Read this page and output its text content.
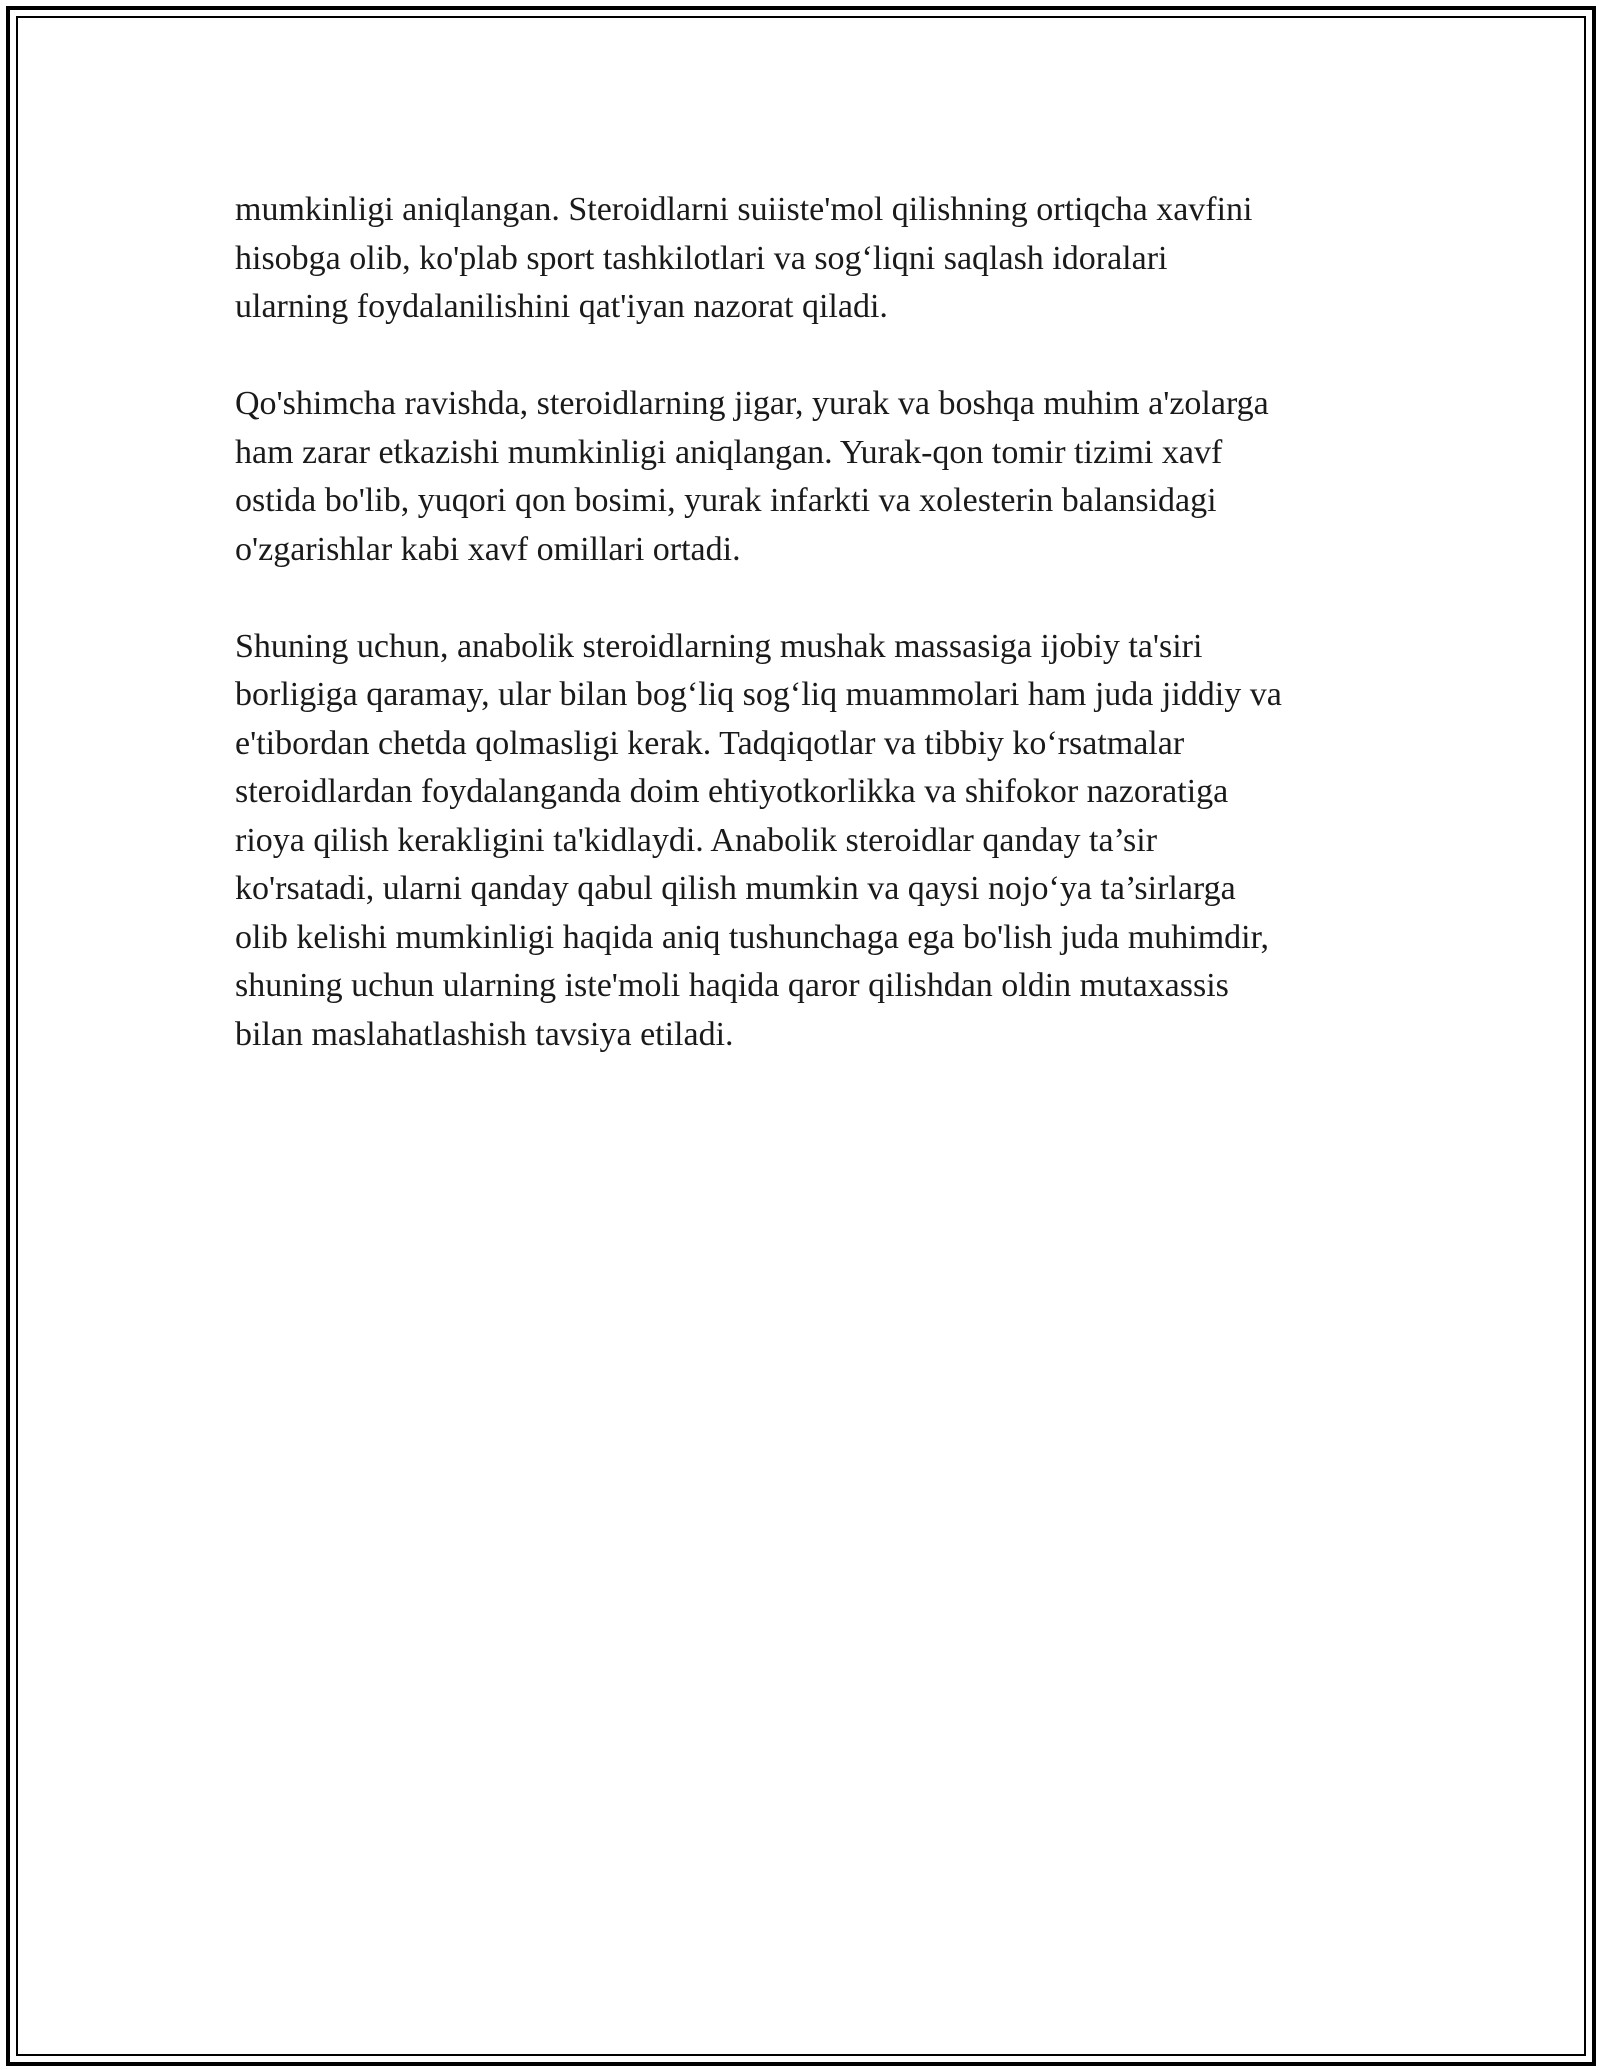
mumkinligi aniqlangan. Steroidlarni suiiste'mol qilishning ortiqcha xavfini
hisobga olib, ko'plab sport tashkilotlari va sog‘liqni saqlash idoralari
ularning foydalanilishini qat'iyan nazorat qiladi.

Qo'shimcha ravishda, steroidlarning jigar, yurak va boshqa muhim a'zolarga
ham zarar etkazishi mumkinligi aniqlangan. Yurak-qon tomir tizimi xavf
ostida bo'lib, yuqori qon bosimi, yurak infarkti va xolesterin balansidagi
o'zgarishlar kabi xavf omillari ortadi.

Shuning uchun, anabolik steroidlarning mushak massasiga ijobiy ta'siri
borligiga qaramay, ular bilan bog‘liq sog‘liq muammolari ham juda jiddiy va
e'tibordan chetda qolmasligi kerak. Tadqiqotlar va tibbiy ko‘rsatmalar
steroidlardan foydalanganda doim ehtiyotkorlikka va shifokor nazoratiga
rioya qilish kerakligini ta'kidlaydi. Anabolik steroidlar qanday ta’sir
ko'rsatadi, ularni qanday qabul qilish mumkin va qaysi nojo‘ya ta’sirlarga
olib kelishi mumkinligi haqida aniq tushunchaga ega bo'lish juda muhimdir,
shuning uchun ularning iste'moli haqida qaror qilishdan oldin mutaxassis
bilan maslahatlashish tavsiya etiladi.
